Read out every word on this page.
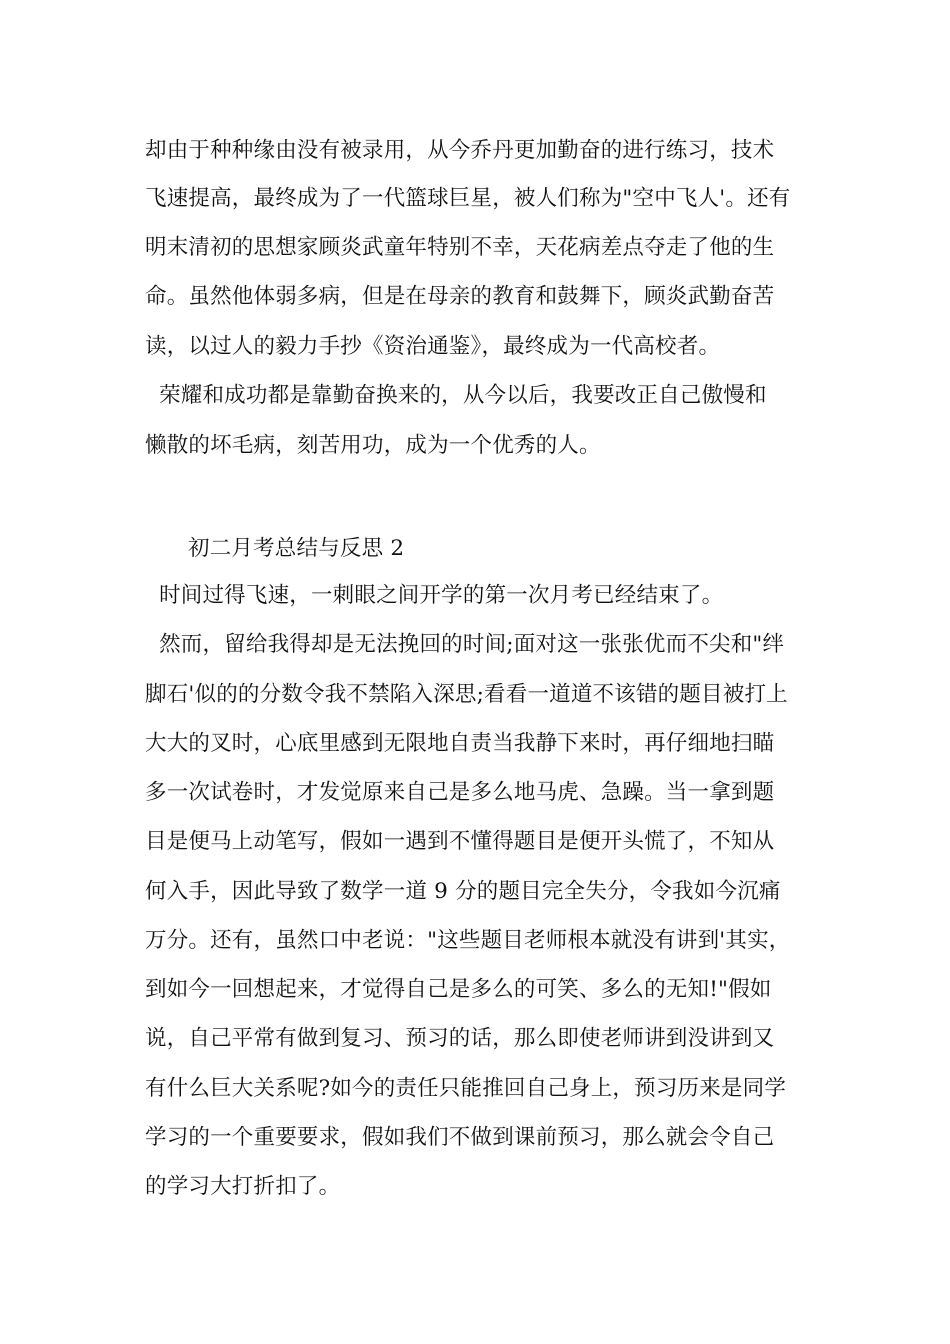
却由于种种缘由没有被录用，从今乔丹更加勤奋的进行练习，技术
飞速提高，最终成为了一代篮球巨星，被人们称为"空中飞人'。还有
明末清初的思想家顾炎武童年特别不幸，天花病差点夺走了他的生
命。虽然他体弱多病，但是在母亲的教育和鼓舞下，顾炎武勤奋苦
读，以过人的毅力手抄《资治通鉴》，最终成为一代高校者。
荣耀和成功都是靠勤奋换来的，从今以后，我要改正自己傲慢和
懒散的坏毛病，刻苦用功，成为一个优秀的人。
初二月考总结与反思 2
时间过得飞速，一刺眼之间开学的第一次月考已经结束了。
然而，留给我得却是无法挽回的时间;面对这一张张优而不尖和"绊
脚石'似的的分数令我不禁陷入深思;看看一道道不该错的题目被打上
大大的叉时，心底里感到无限地自责当我静下来时，再仔细地扫瞄
多一次试卷时，才发觉原来自己是多么地马虎、急躁。当一拿到题
目是便马上动笔写，假如一遇到不懂得题目是便开头慌了，不知从
何入手，因此导致了数学一道 9 分的题目完全失分，令我如今沉痛
万分。还有，虽然口中老说："这些题目老师根本就没有讲到'其实，
到如今一回想起来，才觉得自己是多么的可笑、多么的无知!"假如
说，自己平常有做到复习、预习的话，那么即使老师讲到没讲到又
有什么巨大关系呢?如今的责任只能推回自己身上，预习历来是同学
学习的一个重要要求，假如我们不做到课前预习，那么就会令自己
的学习大打折扣了。
